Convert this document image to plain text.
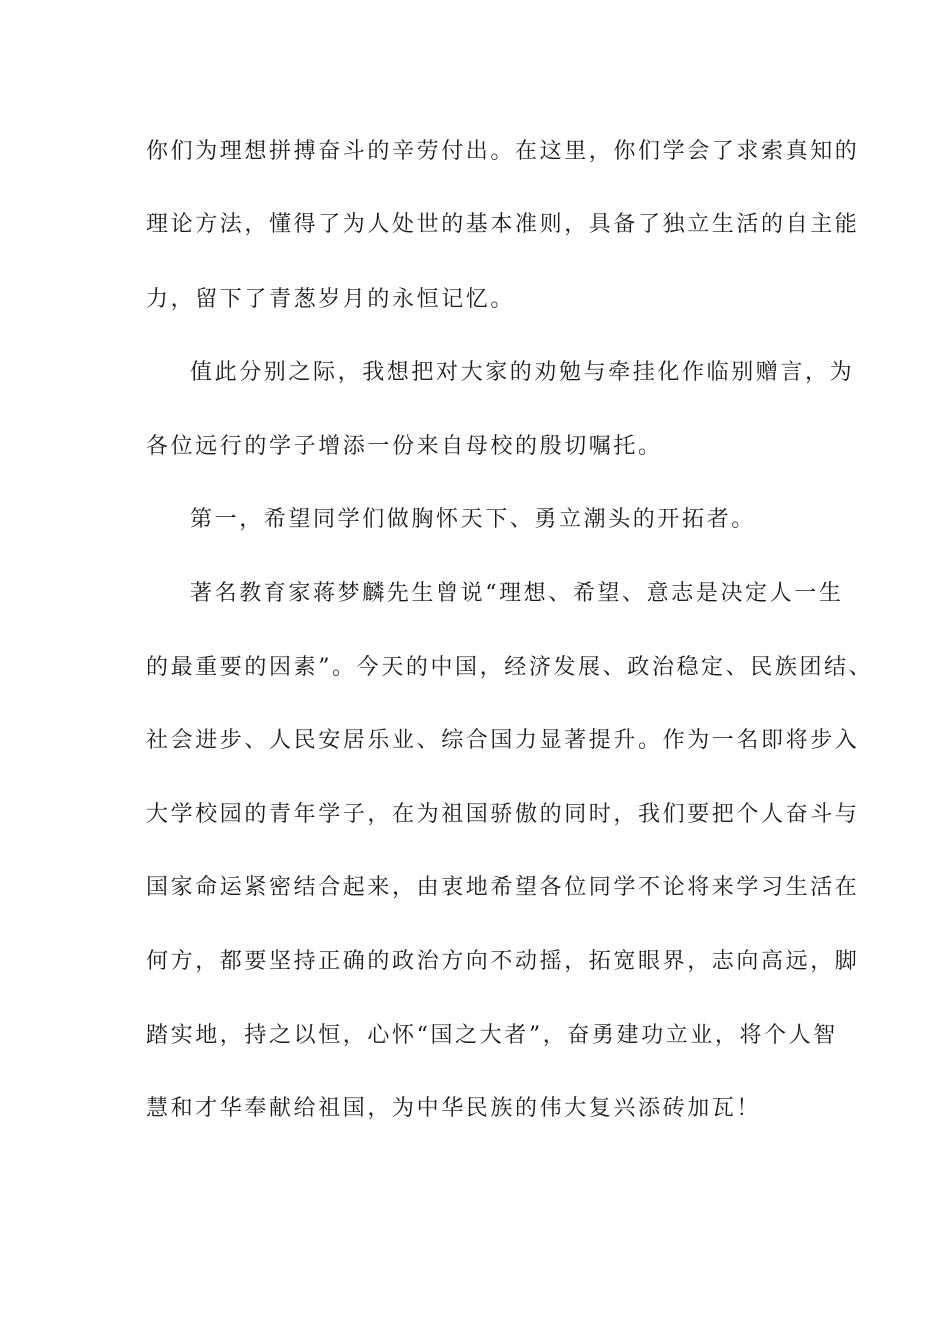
你们为理想拼搏奋斗的辛劳付出。在这里，你们学会了求索真知的
理论方法，懂得了为人处世的基本准则，具备了独立生活的自主能
力，留下了青葱岁月的永恒记忆。
值此分别之际，我想把对大家的劝勉与牵挂化作临别赠言，为
各位远行的学子增添一份来自母校的殷切嘱托。
第一，希望同学们做胸怀天下、勇立潮头的开拓者。
著名教育家蒋梦麟先生曾说“理想、希望、意志是决定人一生
的最重要的因素”。今天的中国，经济发展、政治稳定、民族团结、
社会进步、人民安居乐业、综合国力显著提升。作为一名即将步入
大学校园的青年学子，在为祖国骄傲的同时，我们要把个人奋斗与
国家命运紧密结合起来，由衷地希望各位同学不论将来学习生活在
何方，都要坚持正确的政治方向不动摇，拓宽眼界，志向高远，脚
踏实地，持之以恒，心怀“国之大者”，奋勇建功立业，将个人智
慧和才华奉献给祖国，为中华民族的伟大复兴添砖加瓦！
